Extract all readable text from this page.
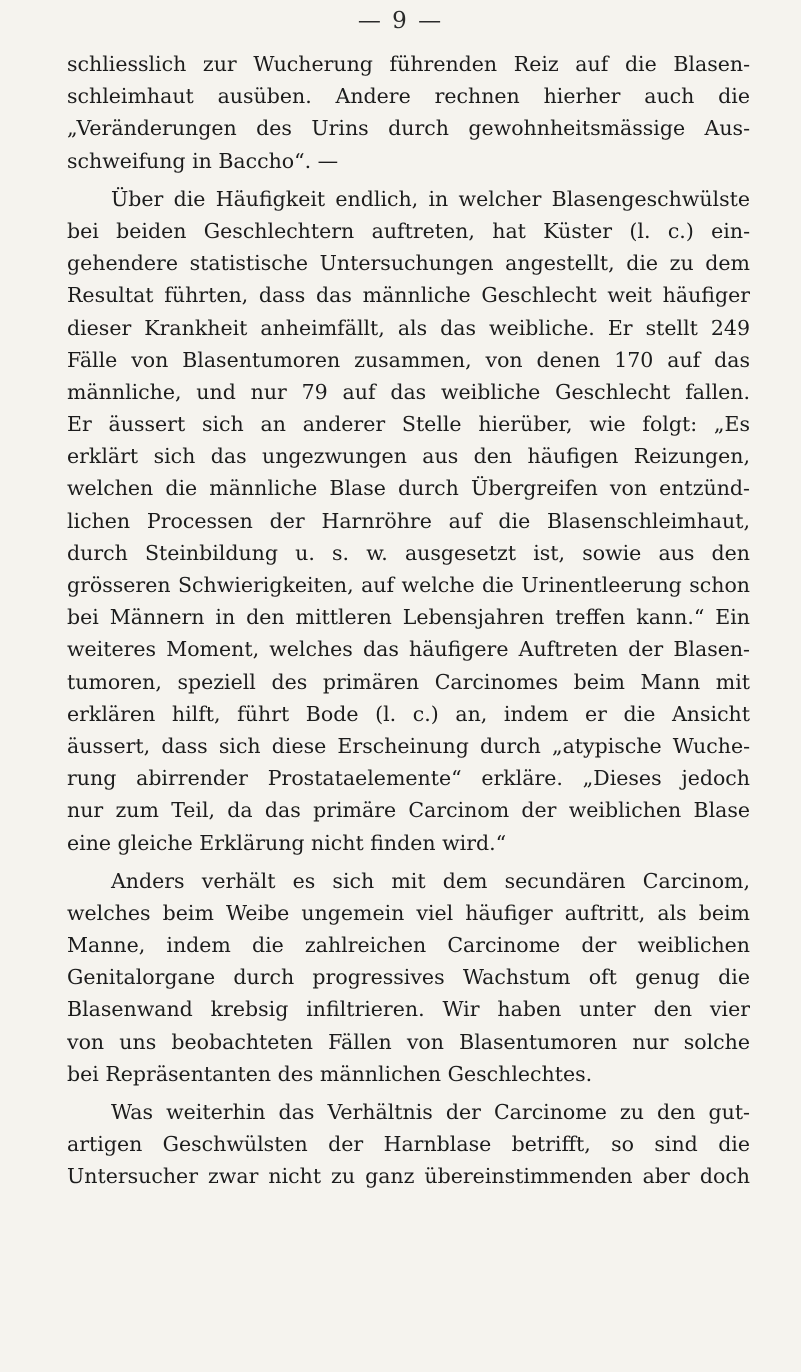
— 9 —
schliesslich zur Wucherung führenden Reiz auf die Blasen-
schleimhaut ausüben. Andere rechnen hierher auch die
„Veränderungen des Urins durch gewohnheitsmässige Aus-
schweifung in Baccho“. —
Über die Häufigkeit endlich, in welcher Blasengeschwülste
bei beiden Geschlechtern auftreten, hat Küster (l. c.) ein-
gehendere statistische Untersuchungen angestellt, die zu dem
Resultat führten, dass das männliche Geschlecht weit häufiger
dieser Krankheit anheimfällt, als das weibliche. Er stellt 249
Fälle von Blasentumoren zusammen, von denen 170 auf das
männliche, und nur 79 auf das weibliche Geschlecht fallen.
Er äussert sich an anderer Stelle hierüber, wie folgt: „Es
erklärt sich das ungezwungen aus den häufigen Reizungen,
welchen die männliche Blase durch Übergreifen von entzünd-
lichen Processen der Harnröhre auf die Blasenschleimhaut,
durch Steinbildung u. s. w. ausgesetzt ist, sowie aus den
grösseren Schwierigkeiten, auf welche die Urinentleerung schon
bei Männern in den mittleren Lebensjahren treffen kann.“ Ein
weiteres Moment, welches das häufigere Auftreten der Blasen-
tumoren, speziell des primären Carcinomes beim Mann mit
erklären hilft, führt Bode (l. c.) an, indem er die Ansicht
äussert, dass sich diese Erscheinung durch „atypische Wuche-
rung abirrender Prostataelemente“ erkläre. „Dieses jedoch
nur zum Teil, da das primäre Carcinom der weiblichen Blase
eine gleiche Erklärung nicht finden wird.“
Anders verhält es sich mit dem secundären Carcinom,
welches beim Weibe ungemein viel häufiger auftritt, als beim
Manne, indem die zahlreichen Carcinome der weiblichen
Genitalorgane durch progressives Wachstum oft genug die
Blasenwand krebsig infiltrieren. Wir haben unter den vier
von uns beobachteten Fällen von Blasentumoren nur solche
bei Repräsentanten des männlichen Geschlechtes.
Was weiterhin das Verhältnis der Carcinome zu den gut-
artigen Geschwülsten der Harnblase betrifft, so sind die
Untersucher zwar nicht zu ganz übereinstimmenden aber doch
